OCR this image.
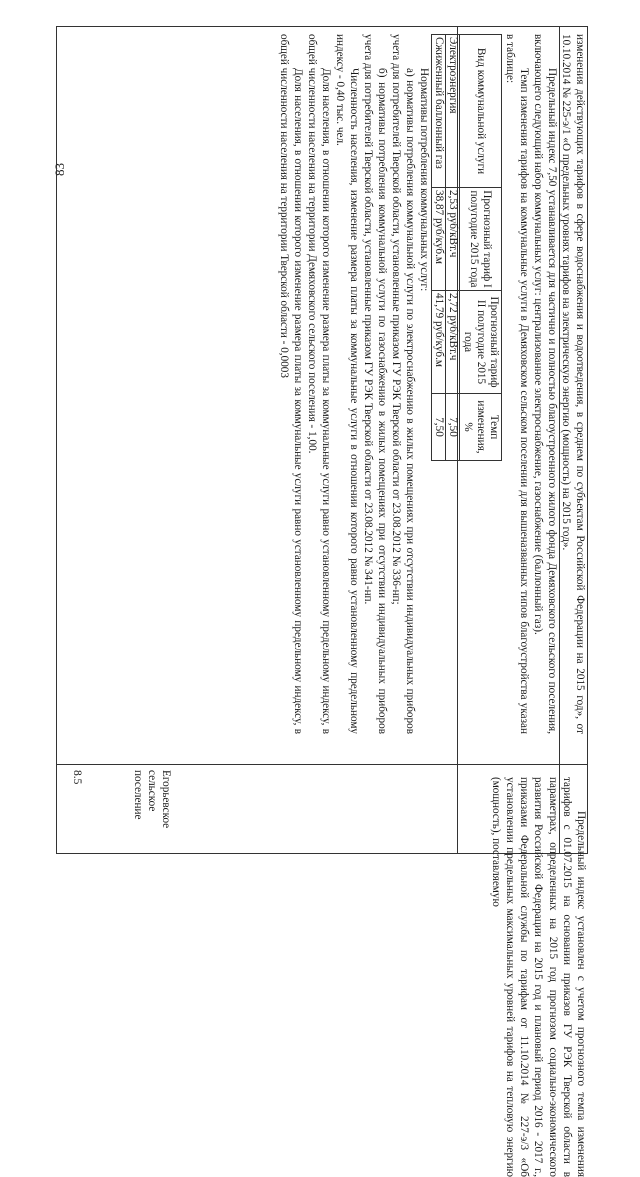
83	изменения действующих тарифов в сфере водоснабжения и водоотведения, в среднем по субъектам Российской Федерации на 2015 год», от 10.10.2014 № 225-э/1 «О предельных уровнях тарифов на электрическую энергию (мощность) на 2015 год».

Предельный индекс 7,50 устанавливается для частично и полностью благоустроенного жилого фонда Демяховского сельского поселения, включающего следующий набор коммунальных услуг: централизованное электроснабжение, газоснабжение (баллонный газ).

Темп изменения тарифов на коммунальные услуги в Демяховском сельском поселении для вышеназванных типов благоустройства указан в таблице:

Вид коммунальной услуги	Прогнозный тариф I полугодие 2015 года	Прогнозный тариф II полугодие 2015 года	Темп изменения, %
Электроэнергия	2,53 руб/кВт.ч	2,72 руб/кВт.ч	7,50
Сжиженный баллонный газ	38,87 руб/куб.м	41,79 руб/куб.м	7,50

Нормативы потребления коммунальных услуг:

а) нормативы потребления коммунальной услуги по электроснабжению в жилых помещениях при отсутствии индивидуальных приборов учета для потребителей Тверской области, установленные приказом ГУ РЭК Тверской области от 23.08.2012 № 336-нп;

б) нормативы потребления коммунальной услуги по газоснабжению в жилых помещениях при отсутствии индивидуальных приборов учета для потребителей Тверской области, установленные приказом ГУ РЭК Тверской области от 23.08.2012 № 341-нп.

Численность населения, изменение размера платы за коммунальные услуги в отношении которого равно установленному предельному индексу - 0,40 тыс. чел.

Доля населения, в отношении которого изменение размера платы за коммунальные услуги равно установленному предельному индексу, в общей численности населения на территории Демяховского сельского поселения - 1,00.

Доля населения, в отношении которого изменение размера платы за коммунальные услуги равно установленному предельному индексу, в общей численности населения на территории Тверской области - 0,0003

8.5	Егорьевское сельское поселение
Предельный индекс установлен с учетом прогнозного темпа изменения тарифов с 01.07.2015 на основании приказов ГУ РЭК Тверской области в параметрах, определенных на 2015 год прогнозом социально-экономического развития Российской Федерации на 2015 год и плановый период 2016 - 2017 г., приказами Федеральной службы по тарифам от 11.10.2014 № 227-э/3 «Об установлении предельных максимальных уровней тарифов на тепловую энергию (мощность), поставляемую
